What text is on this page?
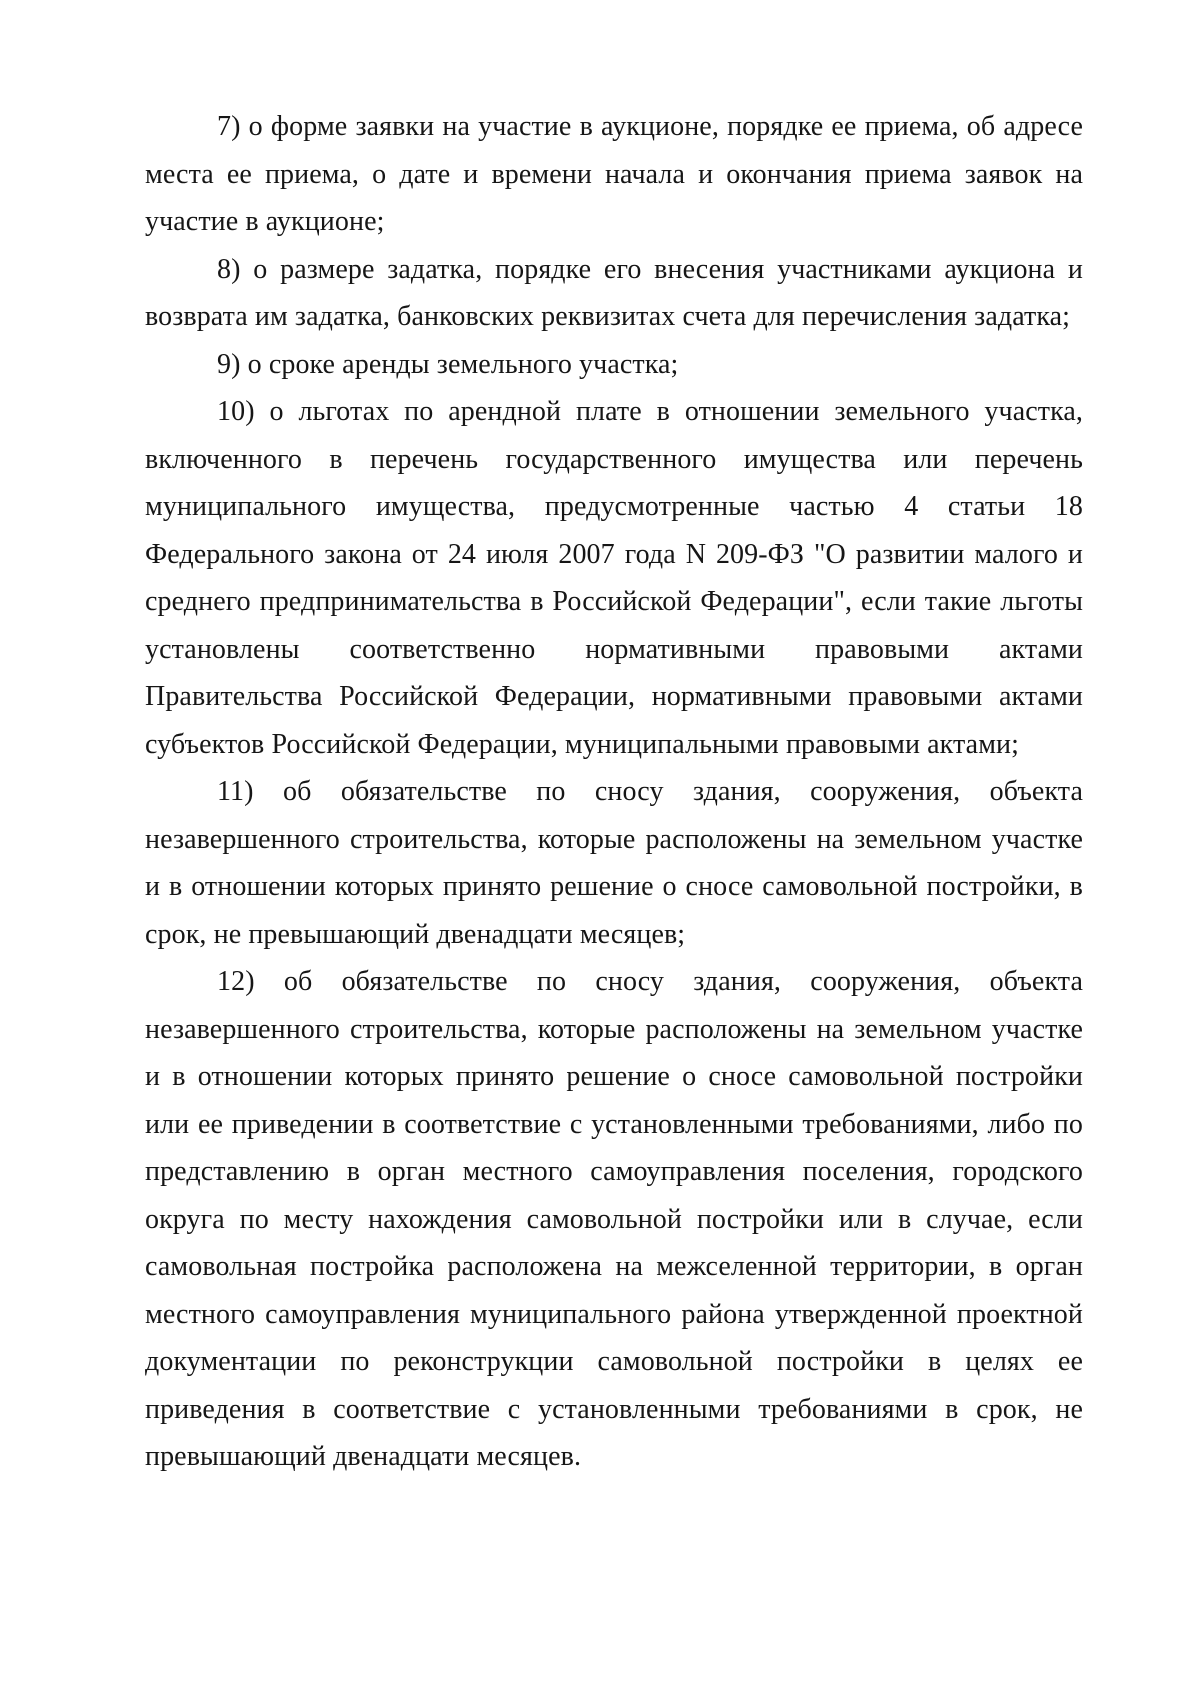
7) о форме заявки на участие в аукционе, порядке ее приема, об адресе места ее приема, о дате и времени начала и окончания приема заявок на участие в аукционе;

8) о размере задатка, порядке его внесения участниками аукциона и возврата им задатка, банковских реквизитах счета для перечисления задатка;

9) о сроке аренды земельного участка;

10) о льготах по арендной плате в отношении земельного участка, включенного в перечень государственного имущества или перечень муниципального имущества, предусмотренные частью 4 статьи 18 Федерального закона от 24 июля 2007 года N 209-ФЗ "О развитии малого и среднего предпринимательства в Российской Федерации", если такие льготы установлены соответственно нормативными правовыми актами Правительства Российской Федерации, нормативными правовыми актами субъектов Российской Федерации, муниципальными правовыми актами;

11) об обязательстве по сносу здания, сооружения, объекта незавершенного строительства, которые расположены на земельном участке и в отношении которых принято решение о сносе самовольной постройки, в срок, не превышающий двенадцати месяцев;

12) об обязательстве по сносу здания, сооружения, объекта незавершенного строительства, которые расположены на земельном участке и в отношении которых принято решение о сносе самовольной постройки или ее приведении в соответствие с установленными требованиями, либо по представлению в орган местного самоуправления поселения, городского округа по месту нахождения самовольной постройки или в случае, если самовольная постройка расположена на межселенной территории, в орган местного самоуправления муниципального района утвержденной проектной документации по реконструкции самовольной постройки в целях ее приведения в соответствие с установленными требованиями в срок, не превышающий двенадцати месяцев.
